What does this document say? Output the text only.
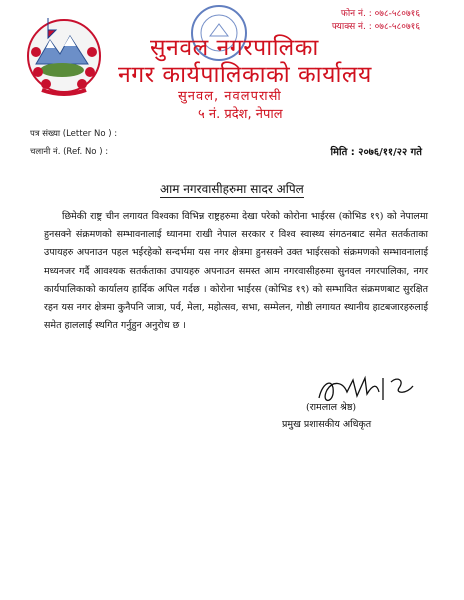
फोन नं. : ०७८-५८०७१६
फ्याक्स नं. : ०७८-५८०७१६
सुनवल नगरपालिका
नगर कार्यपालिकाको कार्यालय
सुनवल, नवलपरासी
५ नं. प्रदेश, नेपाल
पत्र संख्या (Letter No ) :
चलानी नं. (Ref. No ) :	मिति : २०७६/११/२२ गते
आम नगरवासीहरुमा सादर अपिल
छिमेकी राष्ट्र चीन लगायत विश्वका विभिन्न राष्ट्रहरुमा देखा परेको कोरोना भाईरस (कोभिड १९) को नेपालमा हुनसक्ने संक्रमणको सम्भावनालाई ध्यानमा राखी नेपाल सरकार र विश्व स्वास्थ्य संगठनबाट समेत सतर्कताका उपायहरु अपनाउन पहल भईरहेको सन्दर्भमा यस नगर क्षेत्रमा हुनसक्ने उक्त भाईरसको संक्रमणको सम्भावनालाई मध्यनजर गर्दै आवश्यक सतर्कताका उपायहरु अपनाउन समस्त आम नगरवासीहरुमा सुनवल नगरपालिका, नगर कार्यपालिकाको कार्यालय हार्दिक अपिल गर्दछ । कोरोना भाईरस (कोभिड १९) को सम्भावित संक्रमणबाट सुरक्षित रहन यस नगर क्षेत्रमा कुनैपनि जात्रा, पर्व, मेला, महोत्सव, सभा, सम्मेलन, गोष्ठी लगायत स्थानीय हाटबजारहरुलाई समेत हाललाई स्थगित गर्नुहुन अनुरोध छ ।
(रामलाल श्रेष्ठ)
प्रमुख प्रशासकीय अधिकृत
